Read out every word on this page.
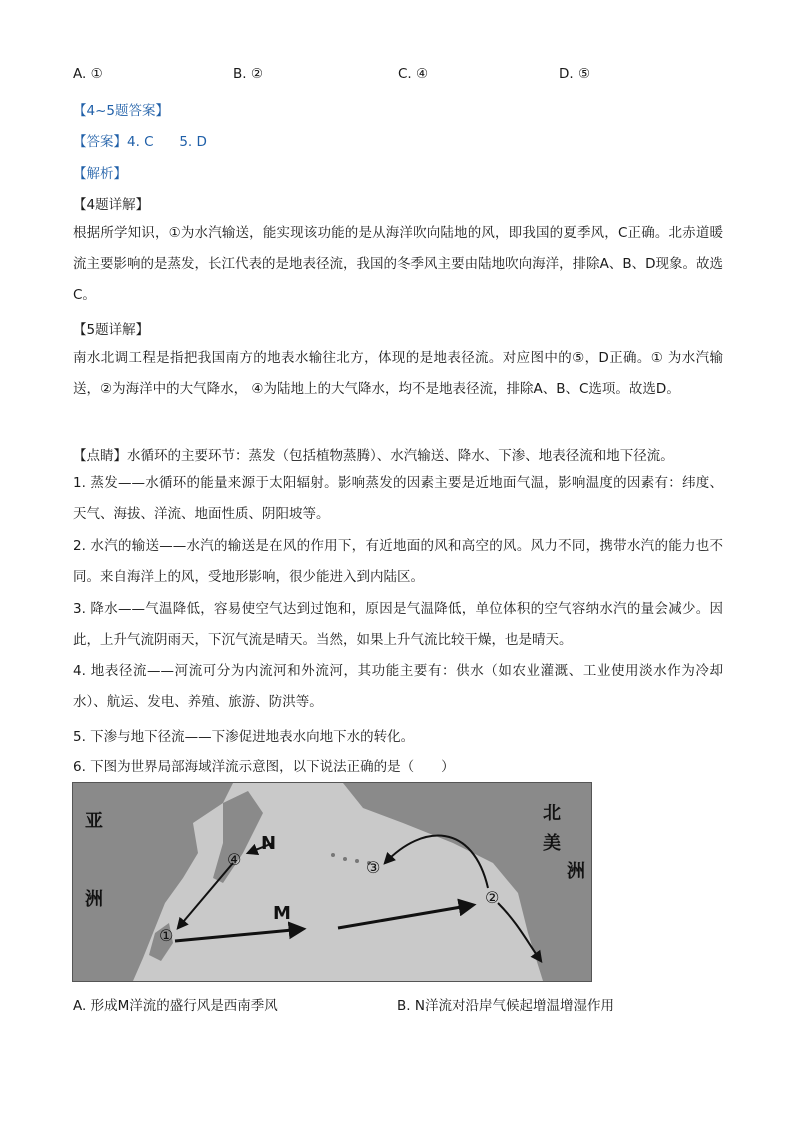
A. ①	B. ②	C. ④	D. ⑤
【4~5题答案】
【答案】4. C      5. D
【解析】
【4题详解】
根据所学知识，①为水汽输送，能实现该功能的是从海洋吹向陆地的风，即我国的夏季风，C正确。北赤道暖流主要影响的是蒸发，长江代表的是地表径流，我国的冬季风主要由陆地吹向海洋，排除A、B、D现象。故选C。
【5题详解】
南水北调工程是指把我国南方的地表水输往北方，体现的是地表径流。对应图中的⑤，D正确。① 为水汽输送，②为海洋中的大气降水， ④为陆地上的大气降水，均不是地表径流，排除A、B、C选项。故选D。
【点睛】水循环的主要环节：蒸发（包括植物蒸腾）、水汽输送、降水、下渗、地表径流和地下径流。
1. 蒸发——水循环的能量来源于太阳辐射。影响蒸发的因素主要是近地面气温，影响温度的因素有：纬度、天气、海拔、洋流、地面性质、阴阳坡等。
2. 水汽的输送——水汽的输送是在风的作用下，有近地面的风和高空的风。风力不同，携带水汽的能力也不同。来自海洋上的风，受地形影响，很少能进入到内陆区。
3. 降水——气温降低，容易使空气达到过饱和，原因是气温降低，单位体积的空气容纳水汽的量会减少。因此，上升气流阴雨天，下沉气流是晴天。当然，如果上升气流比较干燥，也是晴天。
4. 地表径流——河流可分为内流河和外流河，其功能主要有：供水（如农业灌溉、工业使用淡水作为冷却水）、航运、发电、养殖、旅游、防洪等。
5. 下渗与地下径流——下渗促进地表水向地下水的转化。
6. 下图为世界局部海域洋流示意图，以下说法正确的是（　　）
①
②
③
④
N
M
亚
洲
北
美
洲
A. 形成M洋流的盛行风是西南季风	B. N洋流对沿岸气候起增温增湿作用
